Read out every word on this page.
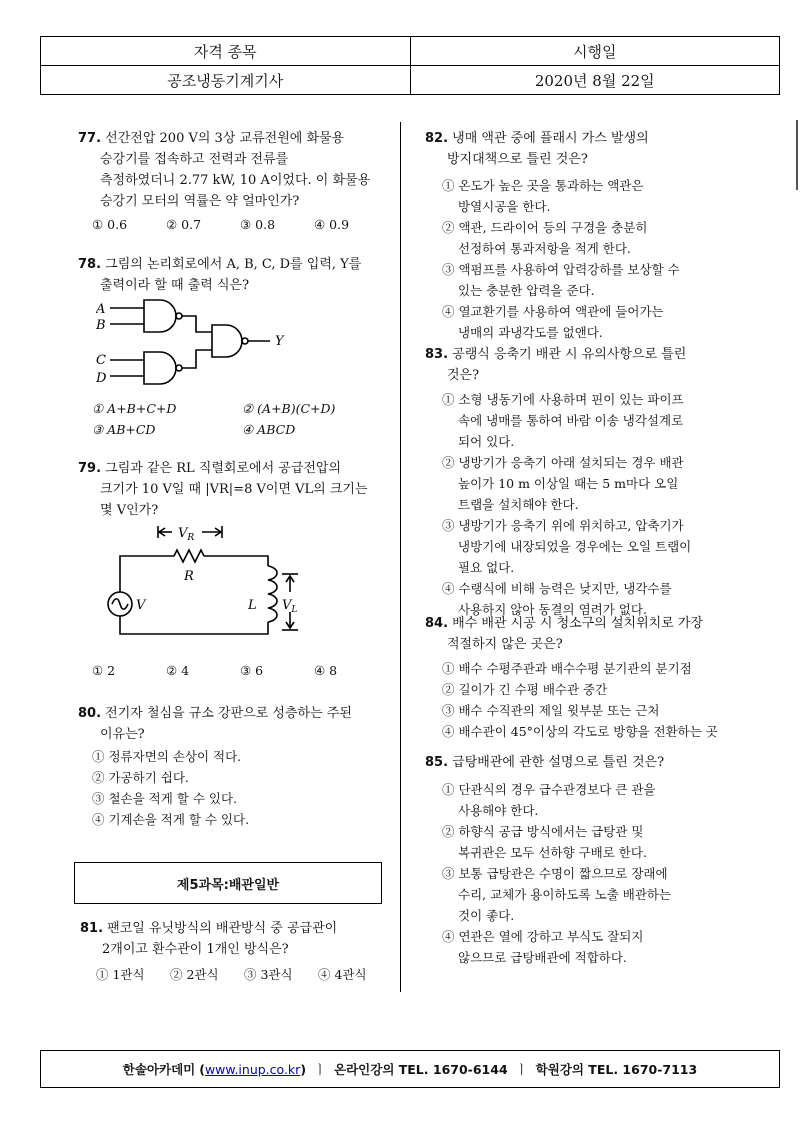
자격 종목	시행일
공조냉동기계기사	2020년 8월 22일
77. 선간전압 200 V의 3상 교류전원에 화물용
승강기를 접속하고 전력과 전류를
측정하였더니 2.77 kW, 10 A이었다. 이 화물용
승강기 모터의 역률은 약 얼마인가?
① 0.6	② 0.7	③ 0.8	④ 0.9
78. 그림의 논리회로에서 A, B, C, D를 입력, Y를
출력이라 할 때 출력 식은?
A
B
C
D
Y
① A+B+C+D	② (A+B)(C+D)
③ AB+CD	④ ABCD
79. 그림과 같은 RL 직렬회로에서 공급전압의
크기가 10 V일 때 |VR|=8 V이면 VL의 크기는
몇 V인가?
$V_R$
R
V	L $V_L$
① 2	② 4	③ 6	④ 8
80. 전기자 철심을 규소 강판으로 성층하는 주된
이유는?
① 정류자면의 손상이 적다.
② 가공하기 쉽다.
③ 철손을 적게 할 수 있다.
④ 기계손을 적게 할 수 있다.
제5과목:배관일반
81. 팬코일 유닛방식의 배관방식 중 공급관이
2개이고 환수관이 1개인 방식은?
① 1관식 ② 2관식 ③ 3관식 ④ 4관식
82. 냉매 액관 중에 플래시 가스 발생의
방지대책으로 틀린 것은?
① 온도가 높은 곳을 통과하는 액관은
방열시공을 한다.
② 액관, 드라이어 등의 구경을 충분히
선정하여 통과저항을 적게 한다.
③ 액펌프를 사용하여 압력강하를 보상할 수
있는 충분한 압력을 준다.
④ 열교환기를 사용하여 액관에 들어가는
냉매의 과냉각도를 없앤다.
83. 공랭식 응축기 배관 시 유의사항으로 틀린
것은?
① 소형 냉동기에 사용하며 핀이 있는 파이프
속에 냉매를 통하여 바람 이송 냉각설계로
되어 있다.
② 냉방기가 응축기 아래 설치되는 경우 배관
높이가 10 m 이상일 때는 5 m마다 오일
트랩을 설치해야 한다.
③ 냉방기가 응축기 위에 위치하고, 압축기가
냉방기에 내장되었을 경우에는 오일 트랩이
필요 없다.
④ 수랭식에 비해 능력은 낮지만, 냉각수를
사용하지 않아 동결의 염려가 없다.
84. 배수 배관 시공 시 청소구의 설치위치로 가장
적절하지 않은 곳은?
① 배수 수평주관과 배수수평 분기관의 분기점
② 길이가 긴 수평 배수관 중간
③ 배수 수직관의 제일 윗부분 또는 근처
④ 배수관이 45°이상의 각도로 방향을 전환하는 곳
85. 급탕배관에 관한 설명으로 틀린 것은?
① 단관식의 경우 급수관경보다 큰 관을
사용해야 한다.
② 하향식 공급 방식에서는 급탕관 및
복귀관은 모두 선하향 구배로 한다.
③ 보통 급탕관은 수명이 짧으므로 장래에
수리, 교체가 용이하도록 노출 배관하는
것이 좋다.
④ 연관은 열에 강하고 부식도 잘되지
않으므로 급탕배관에 적합하다.
한솔아카데미
( www.inup.co.kr )
ㅣ
온라인강의 TEL. 1670-6144
ㅣ
학원강의 TEL. 1670-7113
